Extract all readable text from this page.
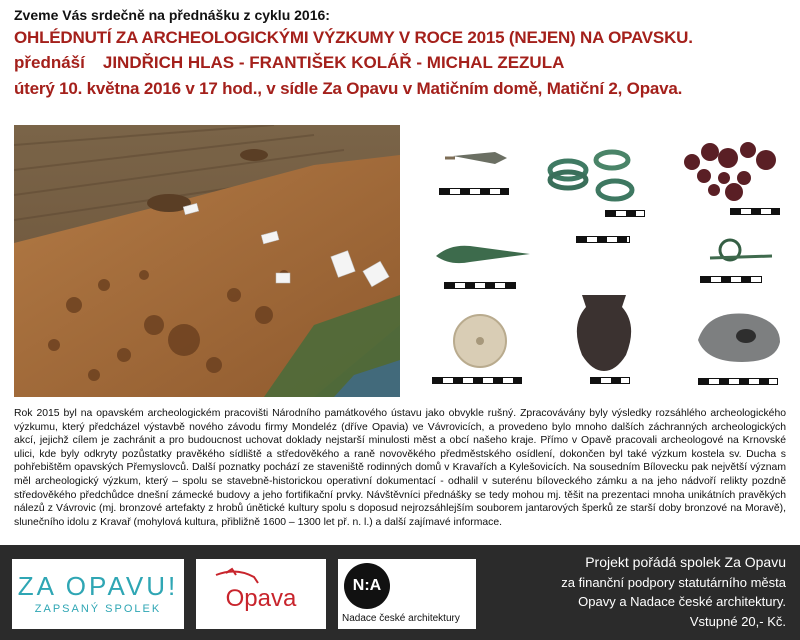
Zveme Vás srdečně na přednášku z cyklu 2016:
OHLÉDNUTÍ ZA ARCHEOLOGICKÝMI VÝZKUMY V ROCE 2015 (NEJEN) NA OPAVSKU.
přednáší JINDŘICH HLAS - FRANTIŠEK KOLÁŘ - MICHAL ZEZULA
úterý 10. května 2016 v 17 hod., v sídle Za Opavu v Matičním domě, Matiční 2, Opava.
Rok 2015 byl na opavském archeologickém pracovišti Národního památkového ústavu jako obvykle rušný. Zpracovávány byly výsledky rozsáhlého archeologického výzkumu, který předcházel výstavbě nového závodu firmy Mondeléz (dříve Opavia) ve Vávrovicích, a provedeno bylo mnoho dalších záchranných archeologických akcí, jejichž cílem je zachránit a pro budoucnost uchovat doklady nejstarší minulosti měst a obcí našeho kraje. Přímo v Opavě pracovali archeologové na Krnovské ulici, kde byly odkryty pozůstatky pravěkého sídliště a středověkého a raně novověkého předměstského osídlení, dokončen byl také výzkum kostela sv. Ducha s pohřebištěm opavských Přemyslovců. Další poznatky pochází ze staveniště rodinných domů v Kravařích a Kylešovicích. Na sousedním Bílovecku pak největší význam měl archeologický výzkum, který – spolu se stavebně-historickou operativní dokumentací - odhalil v suterénu bíloveckého zámku a na jeho nádvoří relikty pozdně středověkého předchůdce dnešní zámecké budovy a jeho fortifikační prvky. Návštěvníci přednášky se tedy mohou mj. těšit na prezentaci mnoha unikátních pravěkých nálezů z Vávrovic (mj. bronzové artefakty z hrobů únětické kultury spolu s doposud nejrozsáhlejším souborem jantarových šperků ze starší doby bronzové na Moravě), slunečního idolu z Kravař (mohylová kultura, přibližně 1600 – 1300 let př. n. l.) a další zajímavé informace.
ZA OPAVU!
ZAPSANÝ SPOLEK	Opava	N:A
Nadace české architektury
Projekt pořádá spolek Za Opavu
za finanční podpory statutárního města
Opavy a Nadace české architektury.
Vstupné 20,- Kč.
